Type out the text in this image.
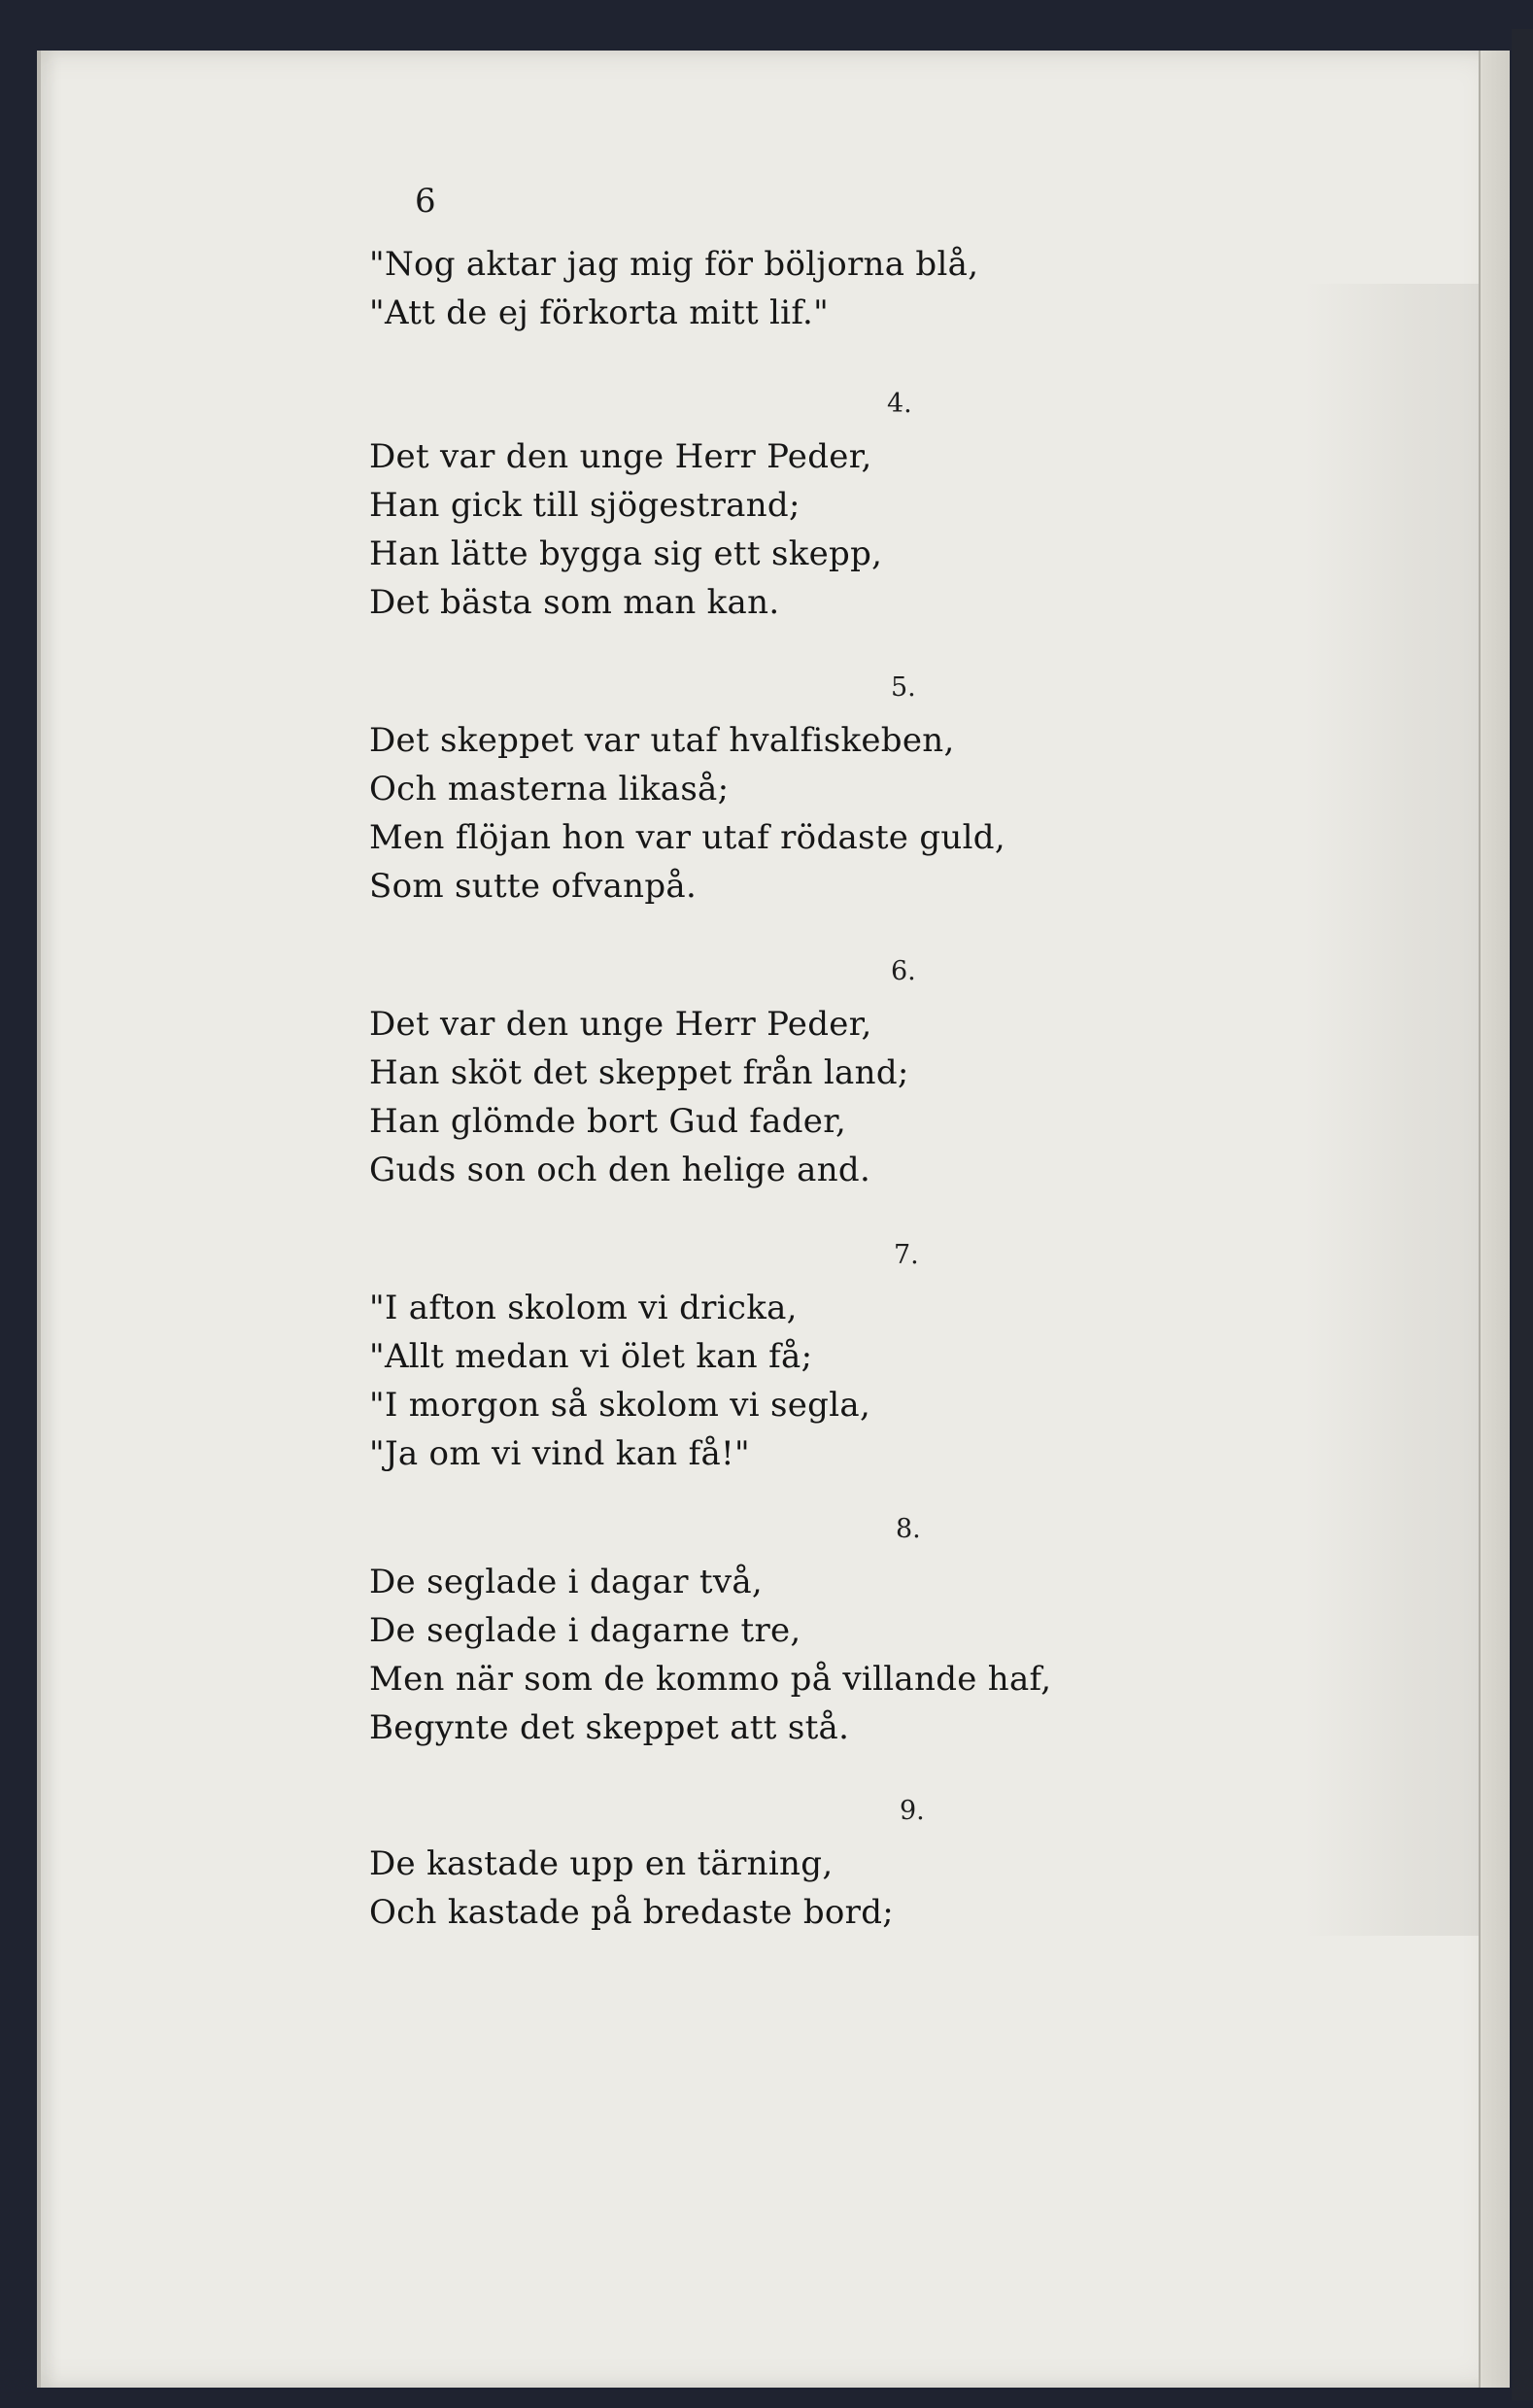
6

"Nog aktar jag mig för böljorna blå,
"Att de ej förkorta mitt lif."
4.
Det var den unge Herr Peder,
Han gick till sjögestrand;
Han lätte bygga sig ett skepp,
Det bästa som man kan.
5.
Det skeppet var utaf hvalfiskeben,
Och masterna likaså;
Men flöjan hon var utaf rödaste guld,
Som sutte ofvanpå.
6.
Det var den unge Herr Peder,
Han sköt det skeppet från land;
Han glömde bort Gud fader,
Guds son och den helige and.
7.
"I afton skolom vi dricka,
"Allt medan vi ölet kan få;
"I morgon så skolom vi segla,
"Ja om vi vind kan få!"
8.
De seglade i dagar två,
De seglade i dagarne tre,
Men när som de kommo på villande haf,
Begynte det skeppet att stå.
9.
De kastade upp en tärning,
Och kastade på bredaste bord;
